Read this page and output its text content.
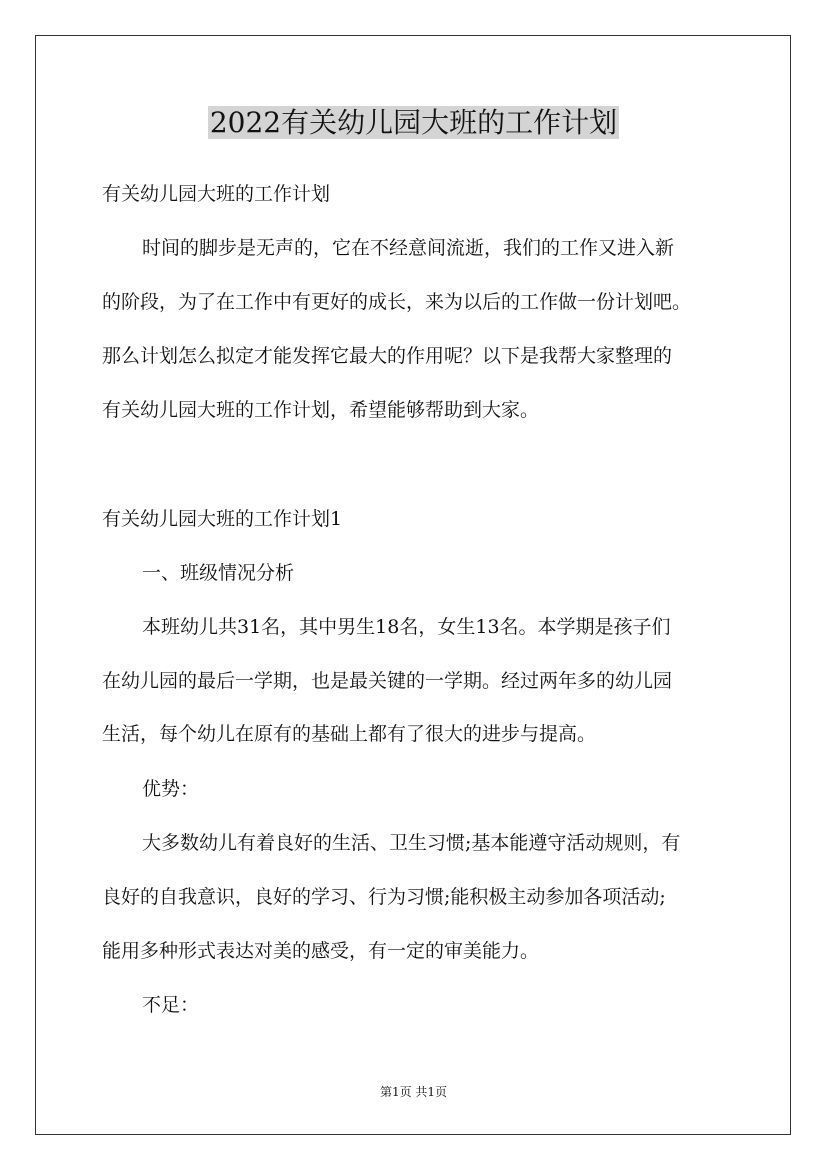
2022有关幼儿园大班的工作计划
有关幼儿园大班的工作计划
时间的脚步是无声的，它在不经意间流逝，我们的工作又进入新
的阶段，为了在工作中有更好的成长，来为以后的工作做一份计划吧。
那么计划怎么拟定才能发挥它最大的作用呢？以下是我帮大家整理的
有关幼儿园大班的工作计划，希望能够帮助到大家。
有关幼儿园大班的工作计划1
一、班级情况分析
本班幼儿共31名，其中男生18名，女生13名。本学期是孩子们
在幼儿园的最后一学期，也是最关键的一学期。经过两年多的幼儿园
生活，每个幼儿在原有的基础上都有了很大的进步与提高。
优势：
大多数幼儿有着良好的生活、卫生习惯;基本能遵守活动规则，有
良好的自我意识，良好的学习、行为习惯;能积极主动参加各项活动;
能用多种形式表达对美的感受，有一定的审美能力。
不足：
第1页 共1页
